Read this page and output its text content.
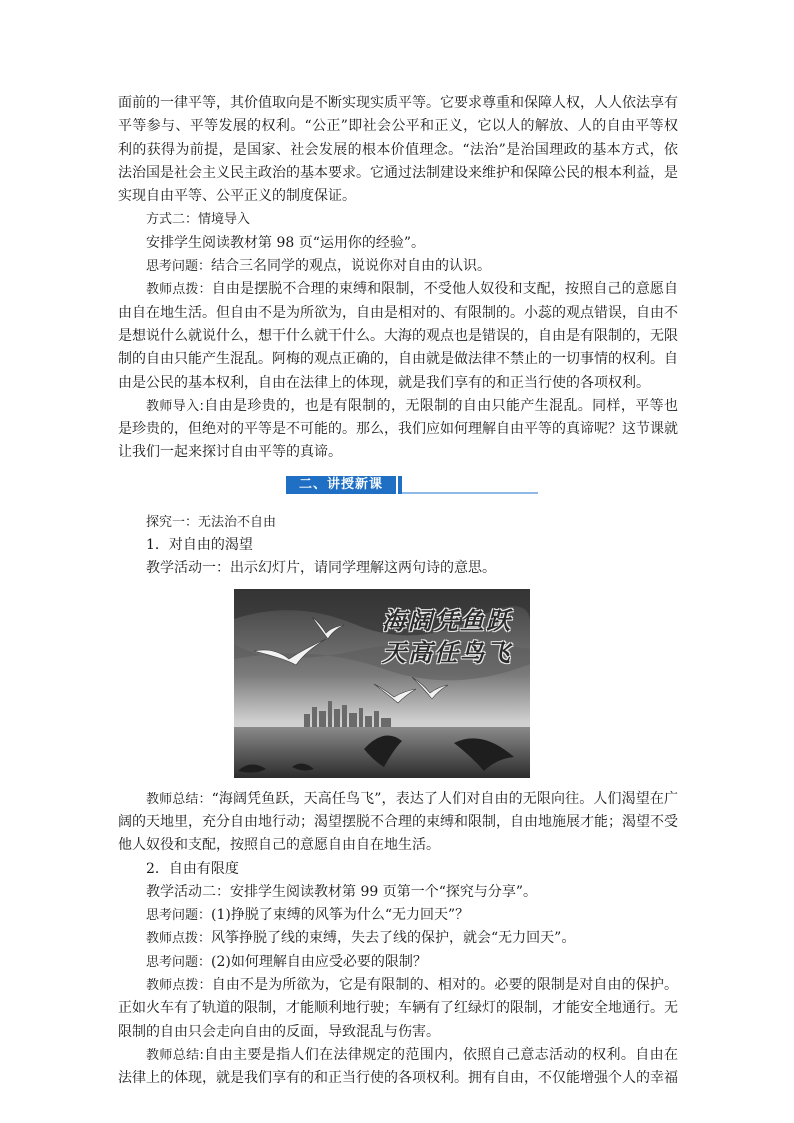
面前的一律平等，其价值取向是不断实现实质平等。它要求尊重和保障人权，人人依法享有平等参与、平等发展的权利。“公正”即社会公平和正义，它以人的解放、人的自由平等权利的获得为前提，是国家、社会发展的根本价值理念。“法治”是治国理政的基本方式，依法治国是社会主义民主政治的基本要求。它通过法制建设来维护和保障公民的根本利益，是实现自由平等、公平正义的制度保证。

方式二：情境导入

安排学生阅读教材第 98 页“运用你的经验”。

思考问题：结合三名同学的观点，说说你对自由的认识。

教师点拨：自由是摆脱不合理的束缚和限制，不受他人奴役和支配，按照自己的意愿自由自在地生活。但自由不是为所欲为，自由是相对的、有限制的。小蕊的观点错误，自由不是想说什么就说什么，想干什么就干什么。大海的观点也是错误的，自由是有限制的，无限制的自由只能产生混乱。阿梅的观点正确的，自由就是做法律不禁止的一切事情的权利。自由是公民的基本权利，自由在法律上的体现，就是我们享有的和正当行使的各项权利。

教师导入:自由是珍贵的，也是有限制的，无限制的自由只能产生混乱。同样，平等也是珍贵的，但绝对的平等是不可能的。那么，我们应如何理解自由平等的真谛呢？这节课就让我们一起来探讨自由平等的真谛。

二、讲授新课

探究一：无法治不自由

1．对自由的渴望

教学活动一：出示幻灯片，请同学理解这两句诗的意思。

海阔凭鱼跃
天高任鸟飞

教师总结：“海阔凭鱼跃，天高任鸟飞”，表达了人们对自由的无限向往。人们渴望在广阔的天地里，充分自由地行动；渴望摆脱不合理的束缚和限制，自由地施展才能；渴望不受他人奴役和支配，按照自己的意愿自由自在地生活。

2．自由有限度

教学活动二：安排学生阅读教材第 99 页第一个“探究与分享”。

思考问题：(1)挣脱了束缚的风筝为什么“无力回天”？

教师点拨：风筝挣脱了线的束缚，失去了线的保护，就会“无力回天”。

思考问题：(2)如何理解自由应受必要的限制？

教师点拨：自由不是为所欲为，它是有限制的、相对的。必要的限制是对自由的保护。正如火车有了轨道的限制，才能顺利地行驶；车辆有了红绿灯的限制，才能安全地通行。无限制的自由只会走向自由的反面，导致混乱与伤害。

教师总结:自由主要是指人们在法律规定的范围内，依照自己意志活动的权利。自由在法律上的体现，就是我们享有的和正当行使的各项权利。拥有自由，不仅能增强个人的幸福
